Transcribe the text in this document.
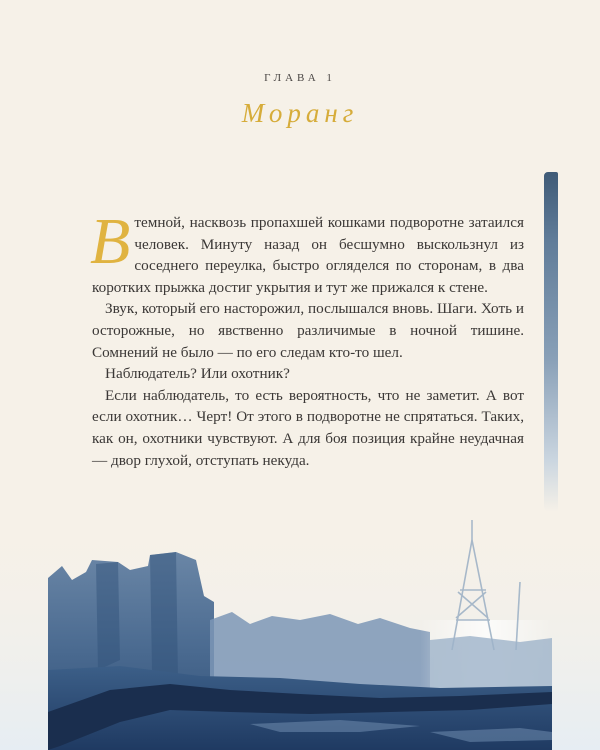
ГЛАВА 1
Моранг

Втемной, насквозь пропахшей кошками подворотне затаился человек. Минуту назад он бесшумно выскользнул из соседнего переулка, быстро огляделся по сторонам, в два коротких прыжка достиг укрытия и тут же прижался к стене.

Звук, который его насторожил, послышался вновь. Шаги. Хоть и осторожные, но явственно различимые в ночной тишине. Сомнений не было — по его следам кто-то шел.

Наблюдатель? Или охотник?

Если наблюдатель, то есть вероятность, что не заметит. А вот если охотник… Черт! От этого в подворотне не спрятаться. Таких, как он, охотники чувствуют. А для боя позиция крайне неудачная — двор глухой, отступать некуда.
